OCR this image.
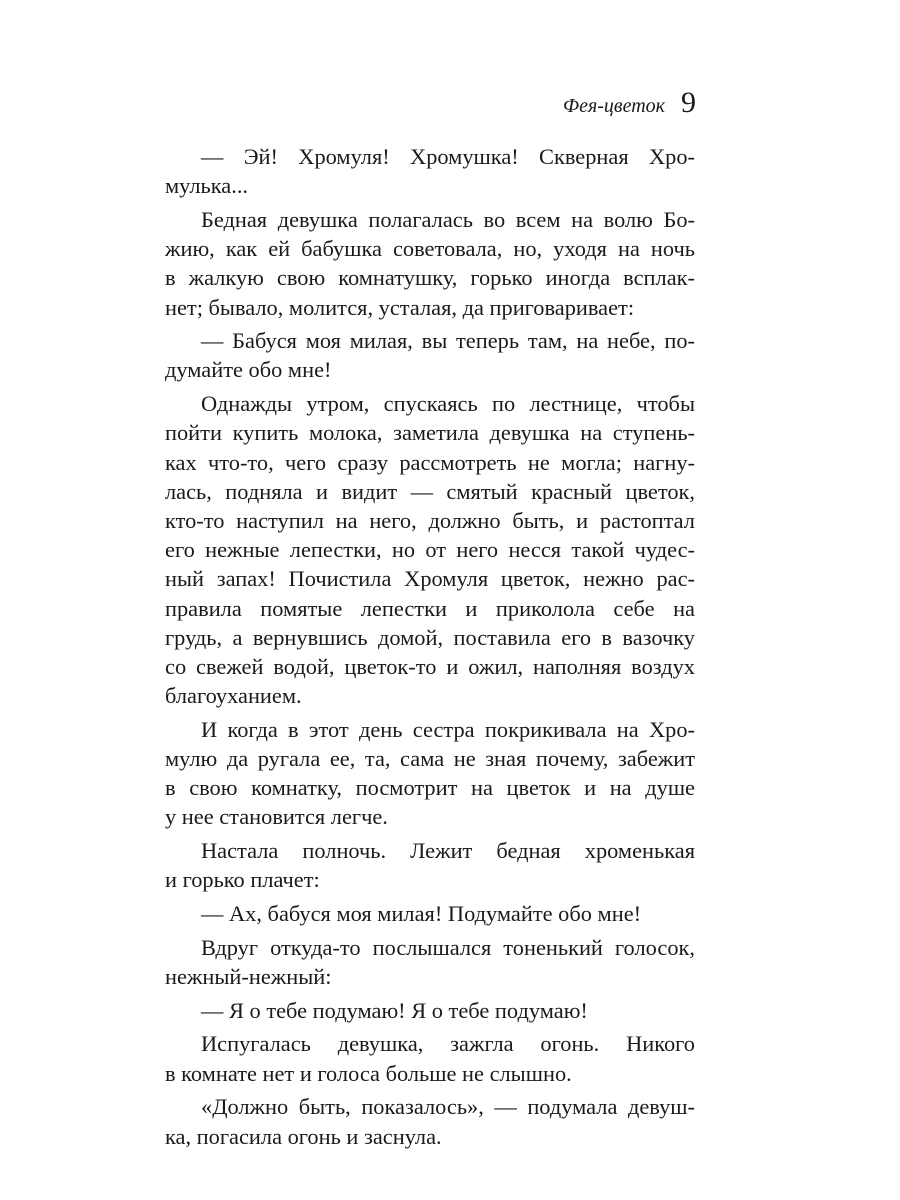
Фея-цветок 9

— Эй! Хромуля! Хромушка! Скверная Хро-
мулька...

Бедная девушка полагалась во всем на волю Бо-
жию, как ей бабушка советовала, но, уходя на ночь
в жалкую свою комнатушку, горько иногда всплак-
нет; бывало, молится, усталая, да приговаривает:

— Бабуся моя милая, вы теперь там, на небе, по-
думайте обо мне!

Однажды утром, спускаясь по лестнице, чтобы
пойти купить молока, заметила девушка на ступень-
ках что-то, чего сразу рассмотреть не могла; нагну-
лась, подняла и видит — смятый красный цветок,
кто-то наступил на него, должно быть, и растоптал
его нежные лепестки, но от него несся такой чудес-
ный запах! Почистила Хромуля цветок, нежно рас-
правила помятые лепестки и приколола себе на
грудь, а вернувшись домой, поставила его в вазочку
со свежей водой, цветок-то и ожил, наполняя воздух
благоуханием.

И когда в этот день сестра покрикивала на Хро-
мулю да ругала ее, та, сама не зная почему, забежит
в свою комнатку, посмотрит на цветок и на душе
у нее становится легче.

Настала полночь. Лежит бедная хроменькая
и горько плачет:

— Ах, бабуся моя милая! Подумайте обо мне!

Вдруг откуда-то послышался тоненький голосок,
нежный-нежный:

— Я о тебе подумаю! Я о тебе подумаю!

Испугалась девушка, зажгла огонь. Никого
в комнате нет и голоса больше не слышно.

«Должно быть, показалось», — подумала девуш-
ка, погасила огонь и заснула.
